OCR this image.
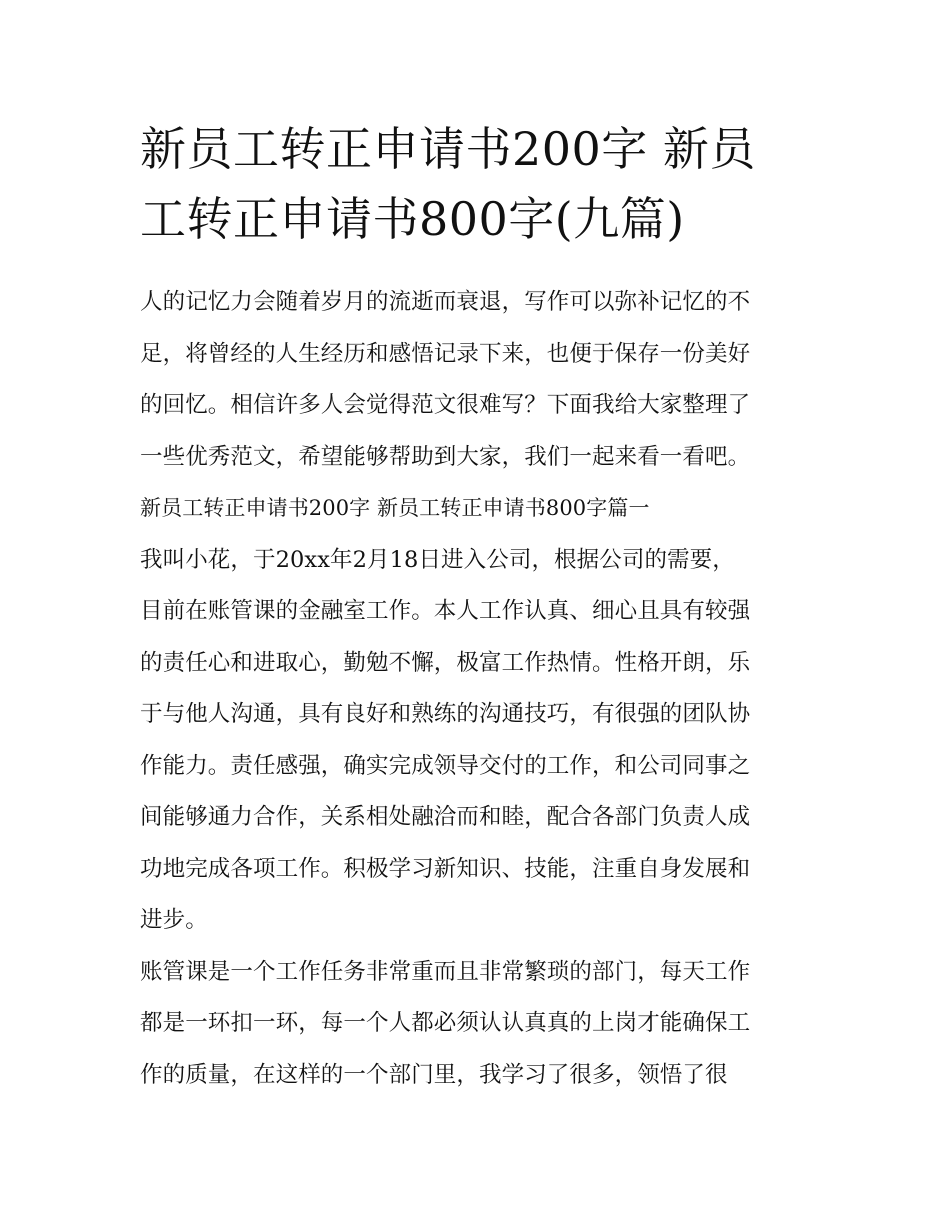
新员工转正申请书200字 新员
工转正申请书800字(九篇)
人的记忆力会随着岁月的流逝而衰退，写作可以弥补记忆的不
足，将曾经的人生经历和感悟记录下来，也便于保存一份美好
的回忆。相信许多人会觉得范文很难写？下面我给大家整理了
一些优秀范文，希望能够帮助到大家，我们一起来看一看吧。
新员工转正申请书200字 新员工转正申请书800字篇一
我叫小花，于20xx年2月18日进入公司，根据公司的需要，
目前在账管课的金融室工作。本人工作认真、细心且具有较强
的责任心和进取心，勤勉不懈，极富工作热情。性格开朗，乐
于与他人沟通，具有良好和熟练的沟通技巧，有很强的团队协
作能力。责任感强，确实完成领导交付的工作，和公司同事之
间能够通力合作，关系相处融洽而和睦，配合各部门负责人成
功地完成各项工作。积极学习新知识、技能，注重自身发展和
进步。
账管课是一个工作任务非常重而且非常繁琐的部门，每天工作
都是一环扣一环，每一个人都必须认认真真的上岗才能确保工
作的质量，在这样的一个部门里，我学习了很多，领悟了很
